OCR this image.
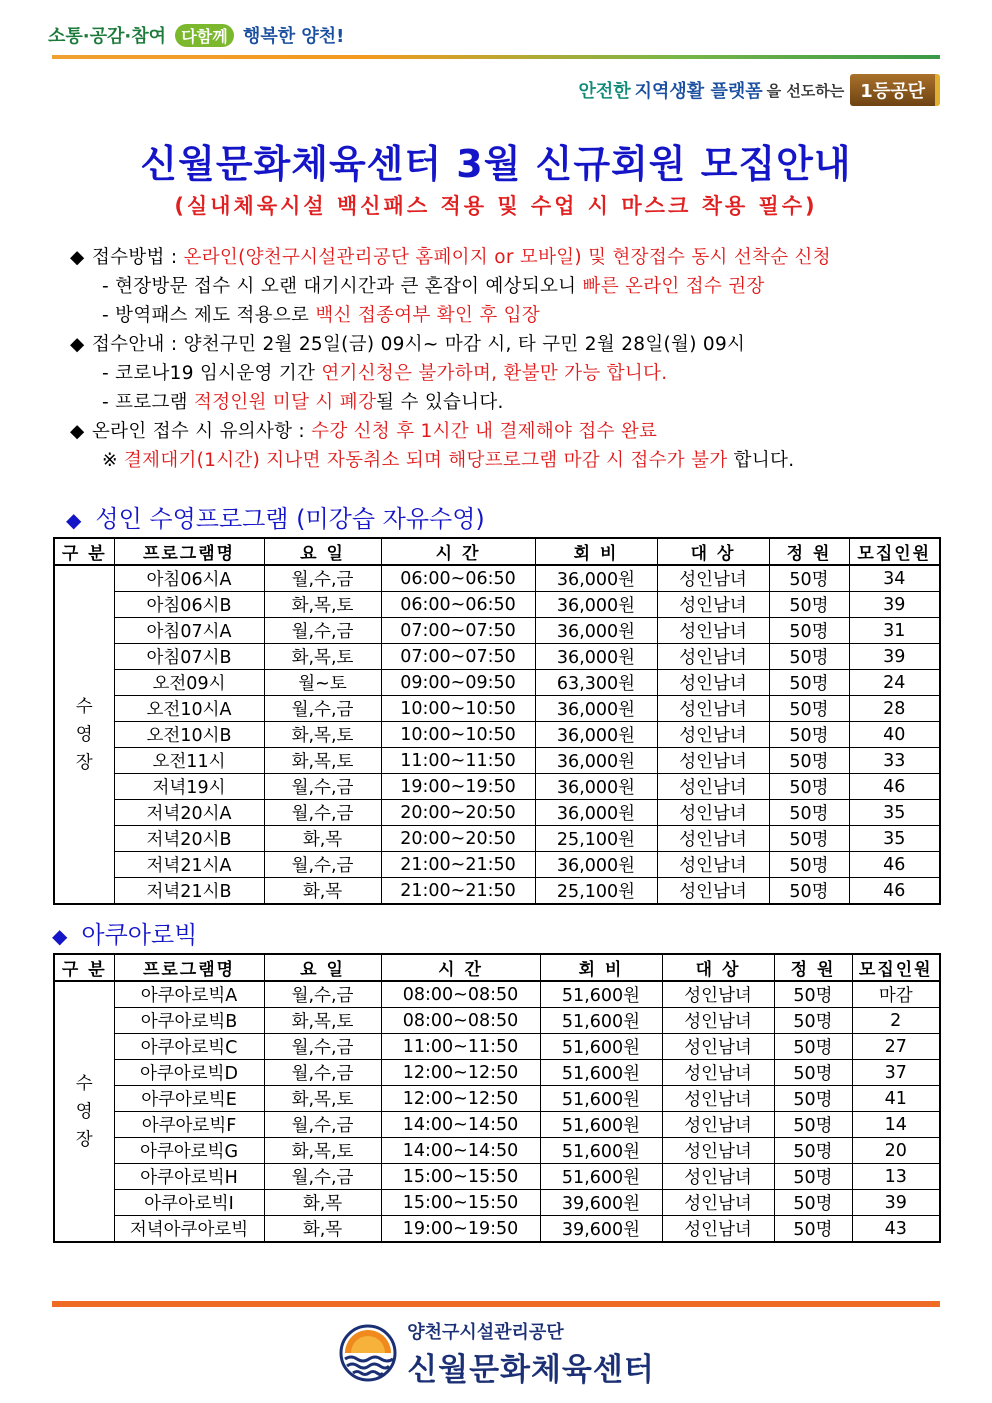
소통·공감·참여 다함께 행복한 양천!
안전한 지역생활 플랫폼 을 선도하는 1등공단
신월문화체육센터 3월 신규회원 모집안내
(실내체육시설 백신패스 적용 및 수업 시 마스크 착용 필수)
◆ 접수방법 : 온라인(양천구시설관리공단 홈페이지 or 모바일) 및 현장접수 동시 선착순 신청
- 현장방문 접수 시 오랜 대기시간과 큰 혼잡이 예상되오니 빠른 온라인 접수 권장
- 방역패스 제도 적용으로 백신 접종여부 확인 후 입장
◆ 접수안내 : 양천구민 2월 25일(금) 09시~ 마감 시, 타 구민 2월 28일(월) 09시
- 코로나19 임시운영 기간 연기신청은 불가하며, 환불만 가능 합니다.
- 프로그램 적정인원 미달 시 폐강될 수 있습니다.
◆ 온라인 접수 시 유의사항 : 수강 신청 후 1시간 내 결제해야 접수 완료
※ 결제대기(1시간) 지나면 자동취소 되며 해당프로그램 마감 시 접수가 불가 합니다.
◆ 성인 수영프로그램 (미강습 자유수영)
구 분	프로그램명	요 일	시 간	회 비	대 상	정 원	모집인원
수
영
장	아침06시A	월,수,금	06:00~06:50	36,000원	성인남녀	50명	34
	아침06시B	화,목,토	06:00~06:50	36,000원	성인남녀	50명	39
	아침07시A	월,수,금	07:00~07:50	36,000원	성인남녀	50명	31
	아침07시B	화,목,토	07:00~07:50	36,000원	성인남녀	50명	39
	오전09시	월~토	09:00~09:50	63,300원	성인남녀	50명	24
	오전10시A	월,수,금	10:00~10:50	36,000원	성인남녀	50명	28
	오전10시B	화,목,토	10:00~10:50	36,000원	성인남녀	50명	40
	오전11시	화,목,토	11:00~11:50	36,000원	성인남녀	50명	33
	저녁19시	월,수,금	19:00~19:50	36,000원	성인남녀	50명	46
	저녁20시A	월,수,금	20:00~20:50	36,000원	성인남녀	50명	35
	저녁20시B	화,목	20:00~20:50	25,100원	성인남녀	50명	35
	저녁21시A	월,수,금	21:00~21:50	36,000원	성인남녀	50명	46
	저녁21시B	화,목	21:00~21:50	25,100원	성인남녀	50명	46
◆ 아쿠아로빅
구 분	프로그램명	요 일	시 간	회 비	대 상	정 원	모집인원
수
영
장	아쿠아로빅A	월,수,금	08:00~08:50	51,600원	성인남녀	50명	마감
	아쿠아로빅B	화,목,토	08:00~08:50	51,600원	성인남녀	50명	2
	아쿠아로빅C	월,수,금	11:00~11:50	51,600원	성인남녀	50명	27
	아쿠아로빅D	월,수,금	12:00~12:50	51,600원	성인남녀	50명	37
	아쿠아로빅E	화,목,토	12:00~12:50	51,600원	성인남녀	50명	41
	아쿠아로빅F	월,수,금	14:00~14:50	51,600원	성인남녀	50명	14
	아쿠아로빅G	화,목,토	14:00~14:50	51,600원	성인남녀	50명	20
	아쿠아로빅H	월,수,금	15:00~15:50	51,600원	성인남녀	50명	13
	아쿠아로빅I	화,목	15:00~15:50	39,600원	성인남녀	50명	39
	저녁아쿠아로빅	화,목	19:00~19:50	39,600원	성인남녀	50명	43
양천구시설관리공단
신월문화체육센터
